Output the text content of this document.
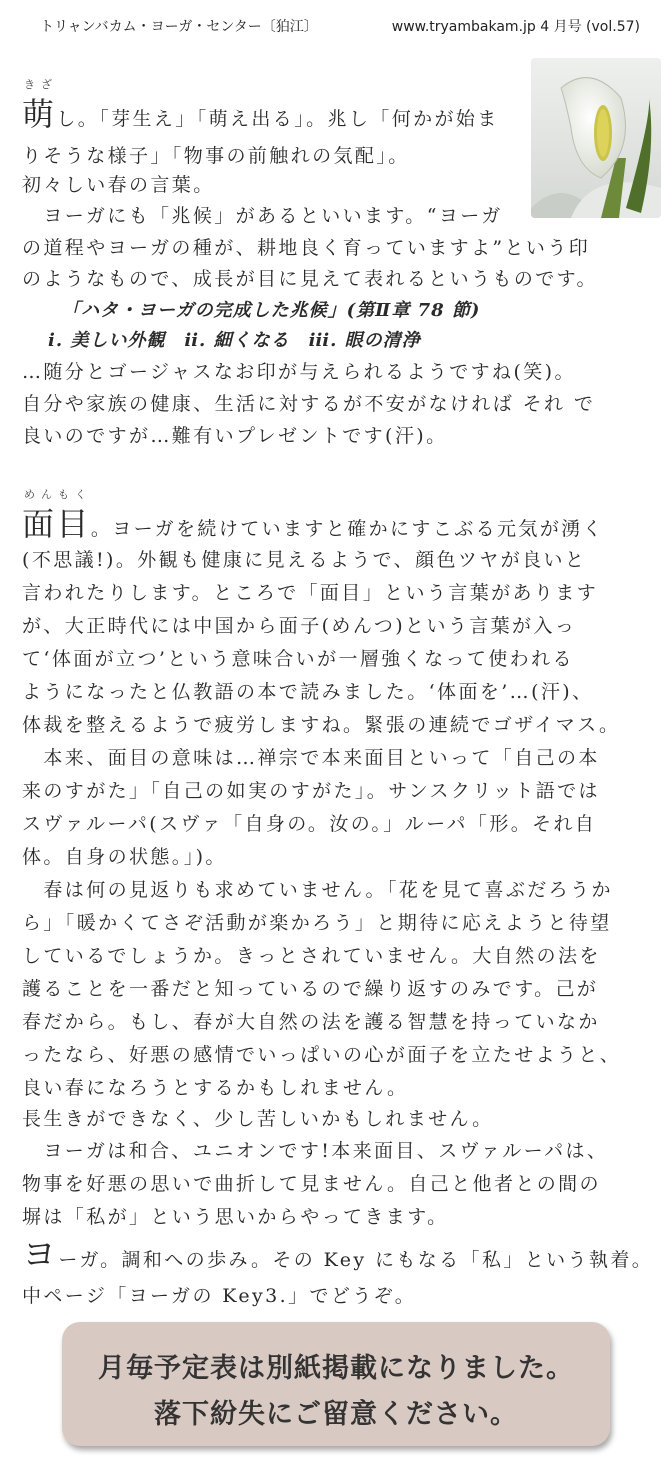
トリャンバカム・ヨーガ・センター〔狛江〕	www.tryambakam.jp 4 月号 (vol.57)
きざ
萌し。「芽生え」「萌え出る」。兆し「何かが始ま
りそうな様子」「物事の前触れの気配」。
初々しい春の言葉。
　ヨーガにも「兆候」があるといいます。“ヨーガ
の道程やヨーガの種が、耕地良く育っていますよ”という印
のようなもので、成長が目に見えて表れるというものです。
「ハタ・ヨーガの完成した兆候」(第Ⅱ章 78 節)
ⅰ. 美しい外観　ⅱ. 細くなる　ⅲ. 眼の清浄
…随分とゴージャスなお印が与えられるようですね(笑)。
自分や家族の健康、生活に対するが不安がなければ それ で
良いのですが…難有いプレゼントです(汗)。
めんもく
面目。ヨーガを続けていますと確かにすこぶる元気が湧く
(不思議!)。外観も健康に見えるようで、顔色ツヤが良いと
言われたりします。ところで「面目」という言葉があります
が、大正時代には中国から面子(めんつ)という言葉が入っ
て‘体面が立つ’という意味合いが一層強くなって使われる
ようになったと仏教語の本で読みました。‘体面を’…(汗)、
体裁を整えるようで疲労しますね。緊張の連続でゴザイマス。
　本来、面目の意味は…禅宗で本来面目といって「自己の本
来のすがた」「自己の如実のすがた」。サンスクリット語では
スヴァルーパ(スヴァ「自身の。汝の。」ルーパ「形。それ自
体。自身の状態。」)。
　春は何の見返りも求めていません。「花を見て喜ぶだろうか
ら」「暖かくてさぞ活動が楽かろう」と期待に応えようと待望
しているでしょうか。きっとされていません。大自然の法を
護ることを一番だと知っているので繰り返すのみです。己が
春だから。もし、春が大自然の法を護る智慧を持っていなか
ったなら、好悪の感情でいっぱいの心が面子を立たせようと、
良い春になろうとするかもしれません。
長生きができなく、少し苦しいかもしれません。
　ヨーガは和合、ユニオンです!本来面目、スヴァルーパは、
物事を好悪の思いで曲折して見ません。自己と他者との間の
塀は「私が」という思いからやってきます。
ヨーガ。調和への歩み。その Key にもなる「私」という執着。
中ページ「ヨーガの Key3.」でどうぞ。
月毎予定表は別紙掲載になりました。
落下紛失にご留意ください。
